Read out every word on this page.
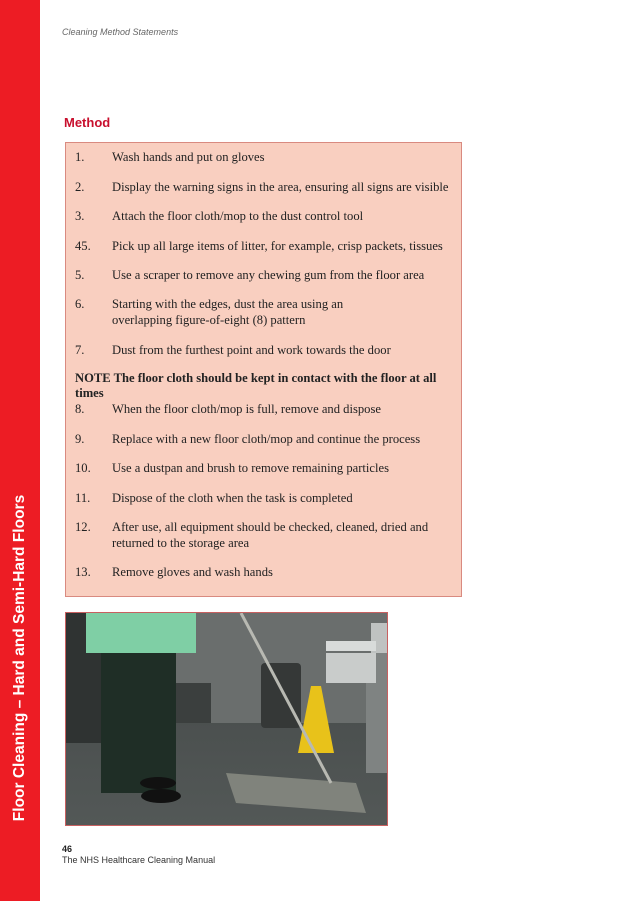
Floor Cleaning – Hard and Semi-Hard Floors
Cleaning Method Statements
Method
1.	Wash hands and put on gloves
2.	Display the warning signs in the area, ensuring all signs are visible
3.	Attach the floor cloth/mop to the dust control tool
45.	Pick up all large items of litter, for example, crisp packets, tissues
5.	Use a scraper to remove any chewing gum from the floor area
6.	Starting with the edges, dust the area using an overlapping figure-of-eight (8) pattern
7.	Dust from the furthest point and work towards the door
NOTE The floor cloth should be kept in contact with the floor at all times
8.	When the floor cloth/mop is full, remove and dispose
9.	Replace with a new floor cloth/mop and continue the process
10.	Use a dustpan and brush to remove remaining particles
11.	Dispose of the cloth when the task is completed
12.	After use, all equipment should be checked, cleaned, dried and returned to the storage area
13.	Remove gloves and wash hands
46
The NHS Healthcare Cleaning Manual
